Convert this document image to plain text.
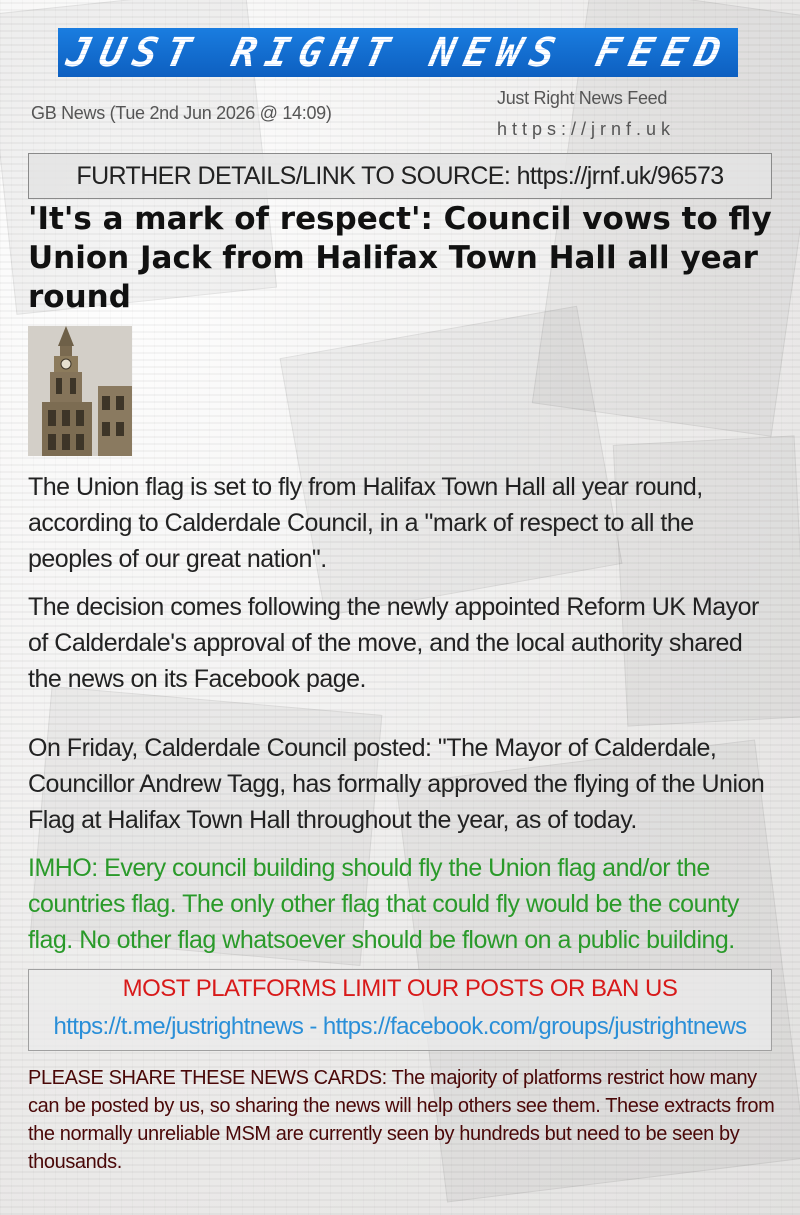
JUST RIGHT NEWS FEED
GB News (Tue 2nd Jun 2026 @ 14:09)
Just Right News Feed
https://jrnf.uk
FURTHER DETAILS/LINK TO SOURCE: https://jrnf.uk/96573
'It's a mark of respect': Council vows to fly Union Jack from Halifax Town Hall all year round

The Union flag is set to fly from Halifax Town Hall all year round, according to Calderdale Council, in a "mark of respect to all the peoples of our great nation".

The decision comes following the newly appointed Reform UK Mayor of Calderdale's approval of the move, and the local authority shared the news on its Facebook page.

On Friday, Calderdale Council posted: "The Mayor of Calderdale, Councillor Andrew Tagg, has formally approved the flying of the Union Flag at Halifax Town Hall throughout the year, as of today.

IMHO: Every council building should fly the Union flag and/or the countries flag. The only other flag that could fly would be the county flag. No other flag whatsoever should be flown on a public building.

MOST PLATFORMS LIMIT OUR POSTS OR BAN US
https://t.me/justrightnews - https://facebook.com/groups/justrightnews

PLEASE SHARE THESE NEWS CARDS: The majority of platforms restrict how many can be posted by us, so sharing the news will help others see them. These extracts from the normally unreliable MSM are currently seen by hundreds but need to be seen by thousands.
